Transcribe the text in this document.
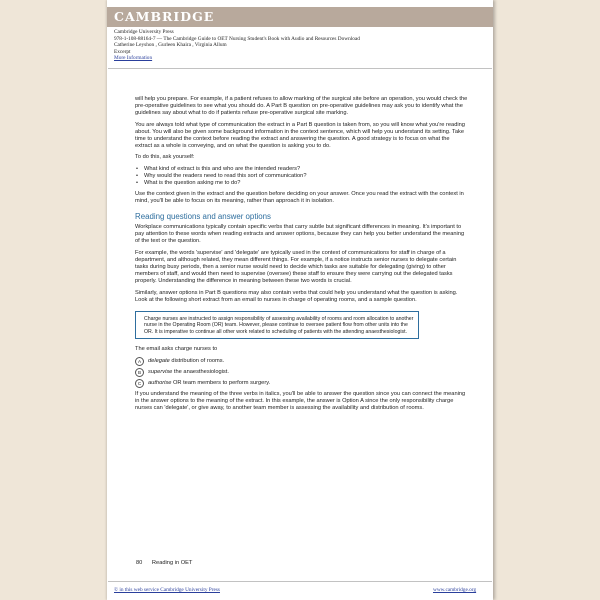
CAMBRIDGE
Cambridge University Press
978-1-108-88164-7 — The Cambridge Guide to OET Nursing Student's Book with Audio and Resources Download
Catherine Leyshon , Gurleen Khaira , Virginia Allum
Excerpt
More Information

will help you prepare. For example, if a patient refuses to allow marking of the surgical site before an operation, you would check the pre-operative guidelines to see what you should do. A Part B question on pre-operative guidelines may ask you to identify what the guidelines say about what to do if patients refuse pre-operative surgical site marking.

You are always told what type of communication the extract in a Part B question is taken from, so you will know what you're reading about. You will also be given some background information in the context sentence, which will help you understand its setting. Take time to understand the context before reading the extract and answering the question. A good strategy is to focus on what the extract as a whole is conveying, and on what the question is asking you to do.

To do this, ask yourself:

• What kind of extract is this and who are the intended readers?
• Why would the readers need to read this sort of communication?
• What is the question asking me to do?

Use the context given in the extract and the question before deciding on your answer. Once you read the extract with the context in mind, you'll be able to focus on its meaning, rather than approach it in isolation.

Reading questions and answer options

Workplace communications typically contain specific verbs that carry subtle but significant differences in meaning. It's important to pay attention to these words when reading extracts and answer options, because they can help you better understand the meaning of the text or the question.

For example, the words 'supervise' and 'delegate' are typically used in the context of communications for staff in charge of a department, and although related, they mean different things. For example, if a notice instructs senior nurses to delegate certain tasks during busy periods, then a senior nurse would need to decide which tasks are suitable for delegating (giving) to other members of staff, and would then need to supervise (oversee) these staff to ensure they were carrying out the delegated tasks properly. Understanding the difference in meaning between these two words is crucial.

Similarly, answer options in Part B questions may also contain verbs that could help you understand what the question is asking. Look at the following short extract from an email to nurses in charge of operating rooms, and a sample question.

Charge nurses are instructed to assign responsibility of assessing availability of rooms and room allocation to another nurse in the Operating Room (OR) team. However, please continue to oversee patient flow from other units into the OR. It is imperative to continue all other work related to scheduling of patients with the attending anaesthesiologist.

The email asks charge nurses to

A	delegate distribution of rooms.
B	supervise the anaesthesiologist.
C	authorise OR team members to perform surgery.

If you understand the meaning of the three verbs in italics, you'll be able to answer the question since you can connect the meaning in the answer options to the meaning of the extract. In this example, the answer is Option A since the only responsibility charge nurses can 'delegate', or give away, to another team member is assessing the availability and distribution of rooms.

80 Reading in OET
© in this web service Cambridge University Press	www.cambridge.org
